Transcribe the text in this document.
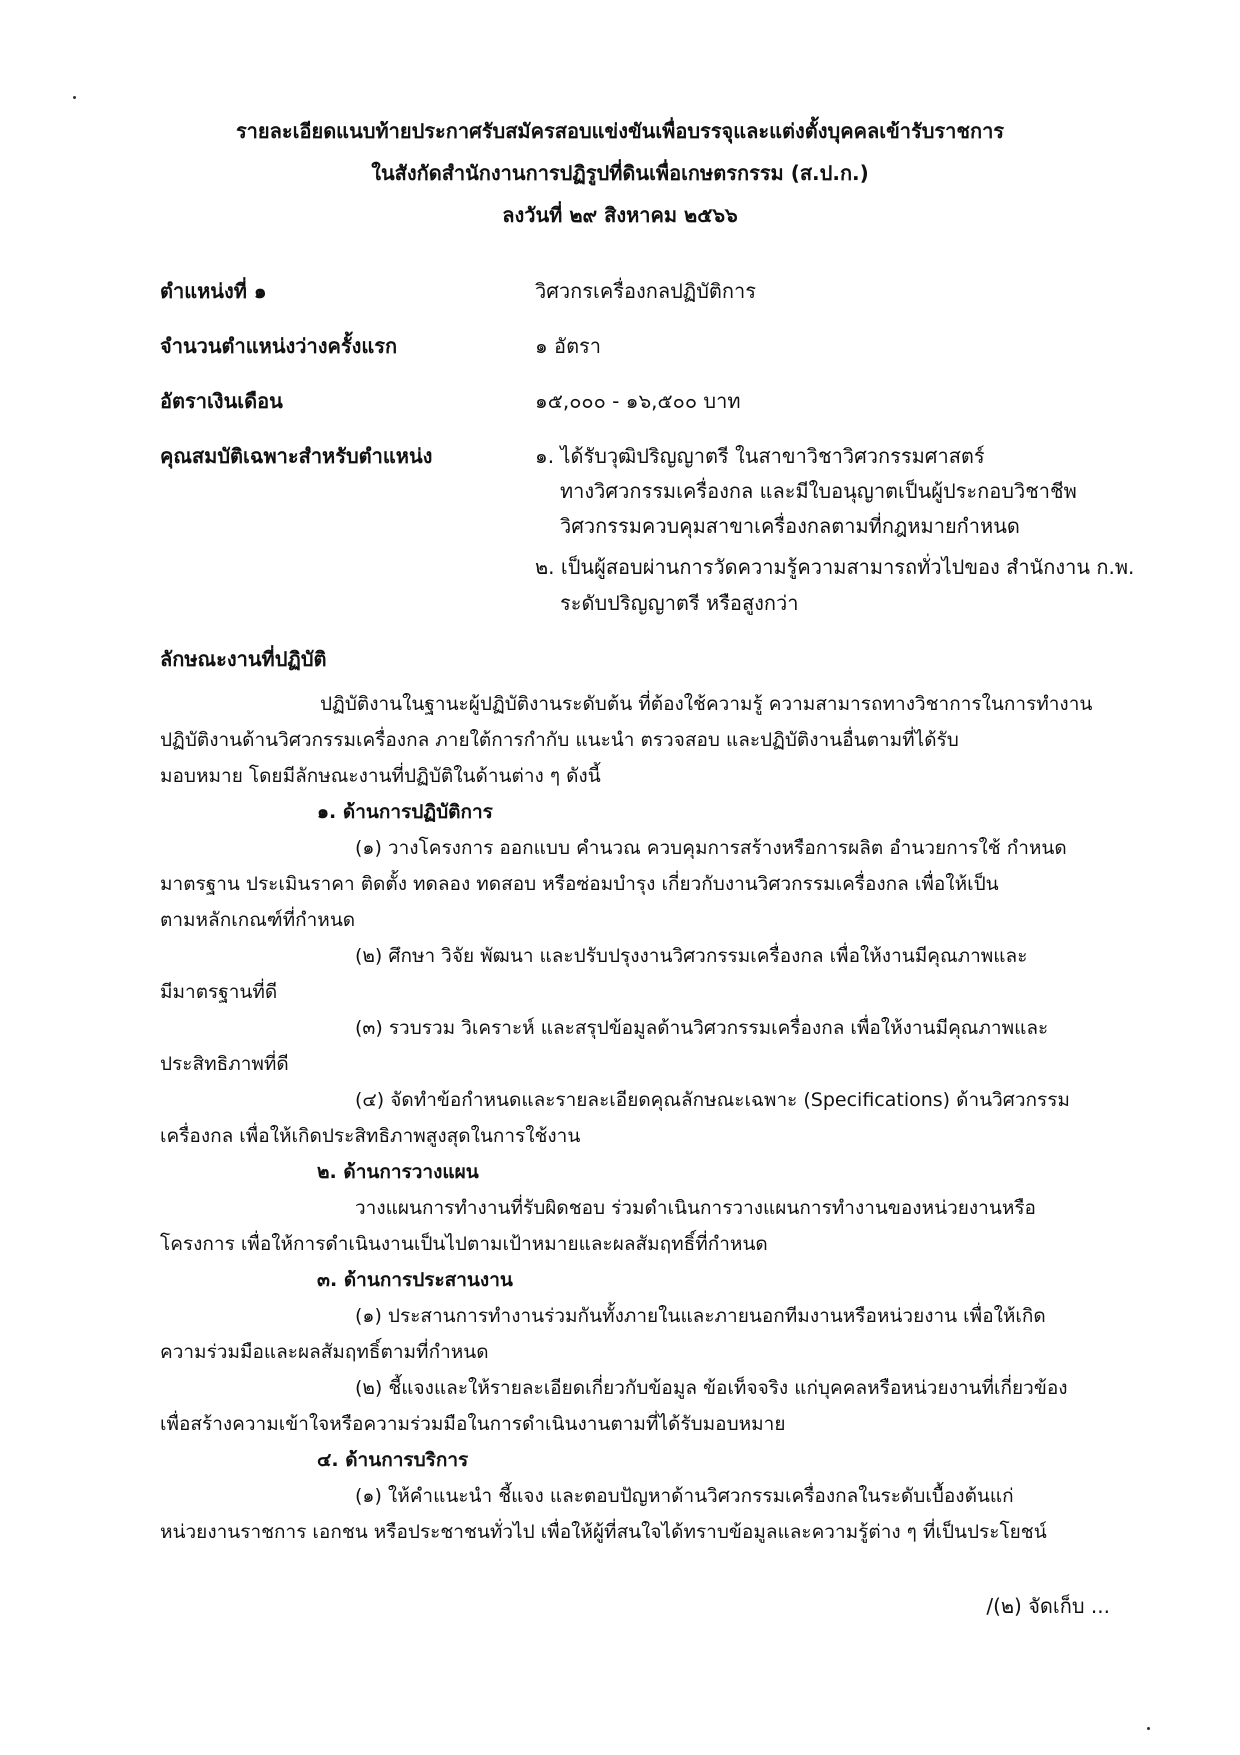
รายละเอียดแนบท้ายประกาศรับสมัครสอบแข่งขันเพื่อบรรจุและแต่งตั้งบุคคลเข้ารับราชการ
ในสังกัดสำนักงานการปฏิรูปที่ดินเพื่อเกษตรกรรม (ส.ป.ก.)
ลงวันที่ ๒๙ สิงหาคม ๒๕๖๖
ตำแหน่งที่ ๑	วิศวกรเครื่องกลปฏิบัติการ
จำนวนตำแหน่งว่างครั้งแรก	๑ อัตรา
อัตราเงินเดือน	๑๕,๐๐๐ - ๑๖,๕๐๐ บาท
คุณสมบัติเฉพาะสำหรับตำแหน่ง	๑. ได้รับวุฒิปริญญาตรี ในสาขาวิชาวิศวกรรมศาสตร์
ทางวิศวกรรมเครื่องกล และมีใบอนุญาตเป็นผู้ประกอบวิชาชีพ
วิศวกรรมควบคุมสาขาเครื่องกลตามที่กฎหมายกำหนด
๒. เป็นผู้สอบผ่านการวัดความรู้ความสามารถทั่วไปของ สำนักงาน ก.พ.
ระดับปริญญาตรี หรือสูงกว่า
ลักษณะงานที่ปฏิบัติ
ปฏิบัติงานในฐานะผู้ปฏิบัติงานระดับต้น ที่ต้องใช้ความรู้ ความสามารถทางวิชาการในการทำงาน
ปฏิบัติงานด้านวิศวกรรมเครื่องกล ภายใต้การกำกับ แนะนำ ตรวจสอบ และปฏิบัติงานอื่นตามที่ได้รับ
มอบหมาย โดยมีลักษณะงานที่ปฏิบัติในด้านต่าง ๆ ดังนี้
๑. ด้านการปฏิบัติการ
(๑) วางโครงการ ออกแบบ คำนวณ ควบคุมการสร้างหรือการผลิต อำนวยการใช้ กำหนด
มาตรฐาน ประเมินราคา ติดตั้ง ทดลอง ทดสอบ หรือซ่อมบำรุง เกี่ยวกับงานวิศวกรรมเครื่องกล เพื่อให้เป็น
ตามหลักเกณฑ์ที่กำหนด
(๒) ศึกษา วิจัย พัฒนา และปรับปรุงงานวิศวกรรมเครื่องกล เพื่อให้งานมีคุณภาพและ
มีมาตรฐานที่ดี
(๓) รวบรวม วิเคราะห์ และสรุปข้อมูลด้านวิศวกรรมเครื่องกล เพื่อให้งานมีคุณภาพและ
ประสิทธิภาพที่ดี
(๔) จัดทำข้อกำหนดและรายละเอียดคุณลักษณะเฉพาะ (Specifications) ด้านวิศวกรรม
เครื่องกล เพื่อให้เกิดประสิทธิภาพสูงสุดในการใช้งาน
๒. ด้านการวางแผน
วางแผนการทำงานที่รับผิดชอบ ร่วมดำเนินการวางแผนการทำงานของหน่วยงานหรือ
โครงการ เพื่อให้การดำเนินงานเป็นไปตามเป้าหมายและผลสัมฤทธิ์ที่กำหนด
๓. ด้านการประสานงาน
(๑) ประสานการทำงานร่วมกันทั้งภายในและภายนอกทีมงานหรือหน่วยงาน เพื่อให้เกิด
ความร่วมมือและผลสัมฤทธิ์ตามที่กำหนด
(๒) ชี้แจงและให้รายละเอียดเกี่ยวกับข้อมูล ข้อเท็จจริง แก่บุคคลหรือหน่วยงานที่เกี่ยวข้อง
เพื่อสร้างความเข้าใจหรือความร่วมมือในการดำเนินงานตามที่ได้รับมอบหมาย
๔. ด้านการบริการ
(๑) ให้คำแนะนำ ชี้แจง และตอบปัญหาด้านวิศวกรรมเครื่องกลในระดับเบื้องต้นแก่
หน่วยงานราชการ เอกชน หรือประชาชนทั่วไป เพื่อให้ผู้ที่สนใจได้ทราบข้อมูลและความรู้ต่าง ๆ ที่เป็นประโยชน์
/(๒) จัดเก็บ ...
